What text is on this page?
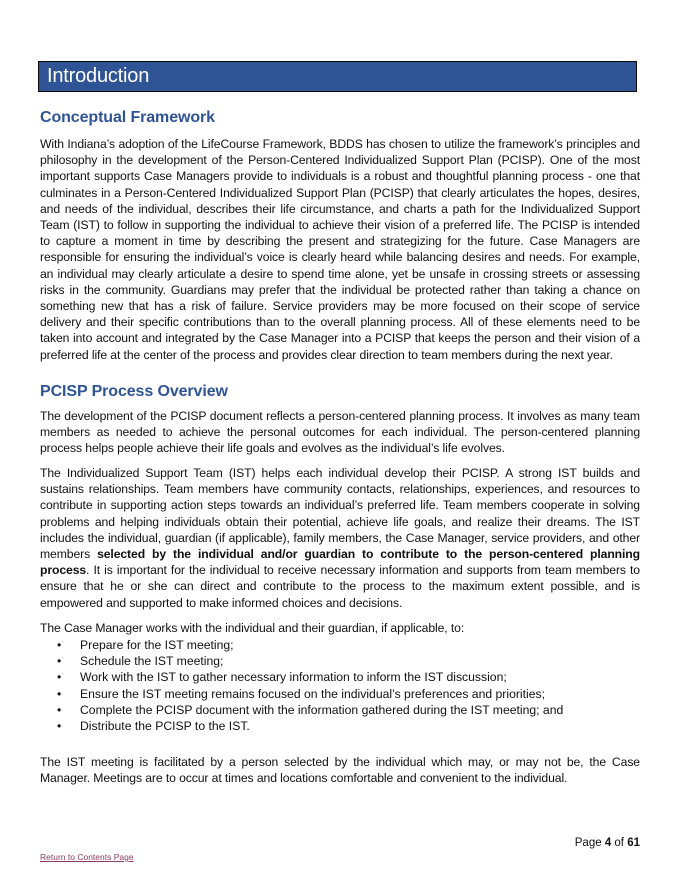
Introduction
Conceptual Framework

With Indiana’s adoption of the LifeCourse Framework, BDDS has chosen to utilize the framework’s principles and philosophy in the development of the Person-Centered Individualized Support Plan (PCISP). One of the most important supports Case Managers provide to individuals is a robust and thoughtful planning process - one that culminates in a Person-Centered Individualized Support Plan (PCISP) that clearly articulates the hopes, desires, and needs of the individual, describes their life circumstance, and charts a path for the Individualized Support Team (IST) to follow in supporting the individual to achieve their vision of a preferred life. The PCISP is intended to capture a moment in time by describing the present and strategizing for the future. Case Managers are responsible for ensuring the individual’s voice is clearly heard while balancing desires and needs. For example, an individual may clearly articulate a desire to spend time alone, yet be unsafe in crossing streets or assessing risks in the community. Guardians may prefer that the individual be protected rather than taking a chance on something new that has a risk of failure. Service providers may be more focused on their scope of service delivery and their specific contributions than to the overall planning process. All of these elements need to be taken into account and integrated by the Case Manager into a PCISP that keeps the person and their vision of a preferred life at the center of the process and provides clear direction to team members during the next year.

PCISP Process Overview

The development of the PCISP document reflects a person-centered planning process. It involves as many team members as needed to achieve the personal outcomes for each individual. The person-centered planning process helps people achieve their life goals and evolves as the individual’s life evolves.

The Individualized Support Team (IST) helps each individual develop their PCISP. A strong IST builds and sustains relationships. Team members have community contacts, relationships, experiences, and resources to contribute in supporting action steps towards an individual’s preferred life. Team members cooperate in solving problems and helping individuals obtain their potential, achieve life goals, and realize their dreams. The IST includes the individual, guardian (if applicable), family members, the Case Manager, service providers, and other members selected by the individual and/or guardian to contribute to the person-centered planning process. It is important for the individual to receive necessary information and supports from team members to ensure that he or she can direct and contribute to the process to the maximum extent possible, and is empowered and supported to make informed choices and decisions.

The Case Manager works with the individual and their guardian, if applicable, to:

• Prepare for the IST meeting;
• Schedule the IST meeting;
• Work with the IST to gather necessary information to inform the IST discussion;
• Ensure the IST meeting remains focused on the individual’s preferences and priorities;
• Complete the PCISP document with the information gathered during the IST meeting; and
• Distribute the PCISP to the IST.

The IST meeting is facilitated by a person selected by the individual which may, or may not be, the Case Manager. Meetings are to occur at times and locations comfortable and convenient to the individual.

Page 4 of 61
Return to Contents Page
